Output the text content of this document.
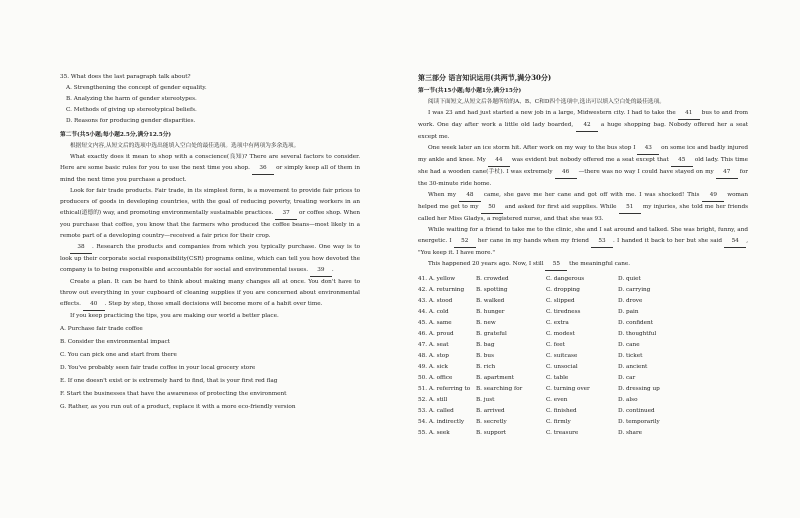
35. What does the last paragraph talk about?
A. Strengthening the concept of gender equality.
B. Analyzing the harm of gender stereotypes.
C. Methods of giving up stereotypical beliefs.
D. Reasons for producing gender disparities.
第二节(共5小题;每小题2.5分,满分12.5分)
根据短文内容,从短文后的选项中选出能填入空白处的最佳选项。选项中有两项为多余选项。

What exactly does it mean to shop with a conscience(良知)? There are several factors to consider. Here are some basic rules for you to use the next time you shop. 36 or simply keep all of them in mind the next time you purchase a product.

Look for fair trade products. Fair trade, in its simplest form, is a movement to provide fair prices to producers of goods in developing countries, with the goal of reducing poverty, treating workers in an ethical(道德的) way, and promoting environmentally sustainable practices. 37 or coffee shop. When you purchase that coffee, you know that the farmers who produced the coffee beans—most likely in a remote part of a developing country—received a fair price for their crop.

38 . Research the products and companies from which you typically purchase. One way is to look up their corporate social responsibility(CSR) programs online, which can tell you how devoted the company is to being responsible and accountable for social and environmental issues. 39 .

Create a plan. It can be hard to think about making many changes all at once. You don't have to throw out everything in your cupboard of cleaning supplies if you are concerned about environmental effects. 40 . Step by step, those small decisions will become more of a habit over time.

If you keep practicing the tips, you are making our world a better place.

A. Purchase fair trade coffee
B. Consider the environmental impact
C. You can pick one and start from there
D. You've probably seen fair trade coffee in your local grocery store
E. If one doesn't exist or is extremely hard to find, that is your first red flag
F. Start the businesses that have the awareness of protecting the environment
G. Rather, as you run out of a product, replace it with a more eco-friendly version
第三部分 语言知识运用(共两节,满分30分)
第一节(共15小题;每小题1分,满分15分)
阅读下面短文,从短文后各题所给的A、B、C和D四个选项中,选出可以填入空白处的最佳选项。

I was 23 and had just started a new job in a large, Midwestern city. I had to take the 41 bus to and from work. One day after work a little old lady boarded, 42 a huge shopping bag. Nobody offered her a seat except me.

One week later an ice storm hit. After work on my way to the bus stop I 43 on some ice and badly injured my ankle and knee. My 44 was evident but nobody offered me a seat except that 45 old lady. This time she had a wooden cane(手杖). I was extremely 46 —there was no way I could have stayed on my 47 for the 30-minute ride home.

When my 48 came, she gave me her cane and got off with me. I was shocked! This 49 woman helped me get to my 50 and asked for first aid supplies. While 51 my injuries, she told me her friends called her Miss Gladys, a registered nurse, and that she was 93.

While waiting for a friend to take me to the clinic, she and I sat around and talked. She was bright, funny, and energetic. I 52 her cane in my hands when my friend 53 . I handed it back to her but she said 54 , "You keep it. I have more."

This happened 20 years ago. Now, I still 55 the meaningful cane.

41. A. yellow	B. crowded	C. dangerous	D. quiet
42. A. returning	B. spotting	C. dropping	D. carrying
43. A. stood	B. walked	C. slipped	D. drove
44. A. cold	B. hunger	C. tiredness	D. pain
45. A. same	B. new	C. extra	D. confident
46. A. proud	B. grateful	C. modest	D. thoughtful
47. A. seat	B. bag	C. feet	D. cane
48. A. stop	B. bus	C. suitcase	D. ticket
49. A. sick	B. rich	C. unsocial	D. ancient
50. A. office	B. apartment	C. table	D. car
51. A. referring to	B. searching for	C. turning over	D. dressing up
52. A. still	B. just	C. even	D. also
53. A. called	B. arrived	C. finished	D. continued
54. A. indirectly	B. secretly	C. firmly	D. temporarily
55. A. seek	B. support	C. treasure	D. share
